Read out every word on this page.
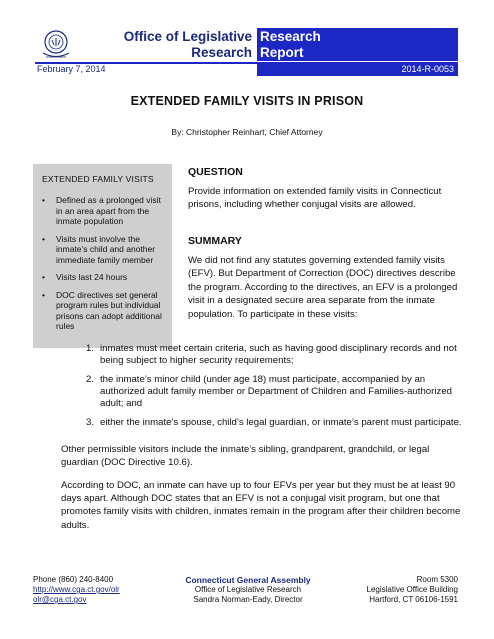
Office of Legislative
Research
Research
Report
February 7, 2014	2014-R-0053
EXTENDED FAMILY VISITS IN PRISON
By: Christopher Reinhart, Chief Attorney
EXTENDED FAMILY VISITS
• Defined as a prolonged visit in an area apart from the inmate population
• Visits must involve the inmate’s child and another immediate family member
• Visits last 24 hours
• DOC directives set general program rules but individual prisons can adopt additional rules
QUESTION
Provide information on extended family visits in Connecticut prisons, including whether conjugal visits are allowed.
SUMMARY
We did not find any statutes governing extended family visits (EFV). But Department of Correction (DOC) directives describe the program. According to the directives, an EFV is a prolonged visit in a designated secure area separate from the inmate population. To participate in these visits:
1. inmates must meet certain criteria, such as having good disciplinary records and not being subject to higher security requirements;
2. the inmate’s minor child (under age 18) must participate, accompanied by an authorized adult family member or Department of Children and Families-authorized adult; and
3. either the inmate’s spouse, child’s legal guardian, or inmate’s parent must participate.
Other permissible visitors include the inmate’s sibling, grandparent, grandchild, or legal guardian (DOC Directive 10.6).
According to DOC, an inmate can have up to four EFVs per year but they must be at least 90 days apart. Although DOC states that an EFV is not a conjugal visit program, but one that promotes family visits with children, inmates remain in the program after their children become adults.
Phone (860) 240-8400
http://www.cga.ct.gov/olr
olr@cga.ct.gov
Connecticut General Assembly
Office of Legislative Research
Sandra Norman-Eady, Director
Room 5300
Legislative Office Building
Hartford, CT 06106-1591
